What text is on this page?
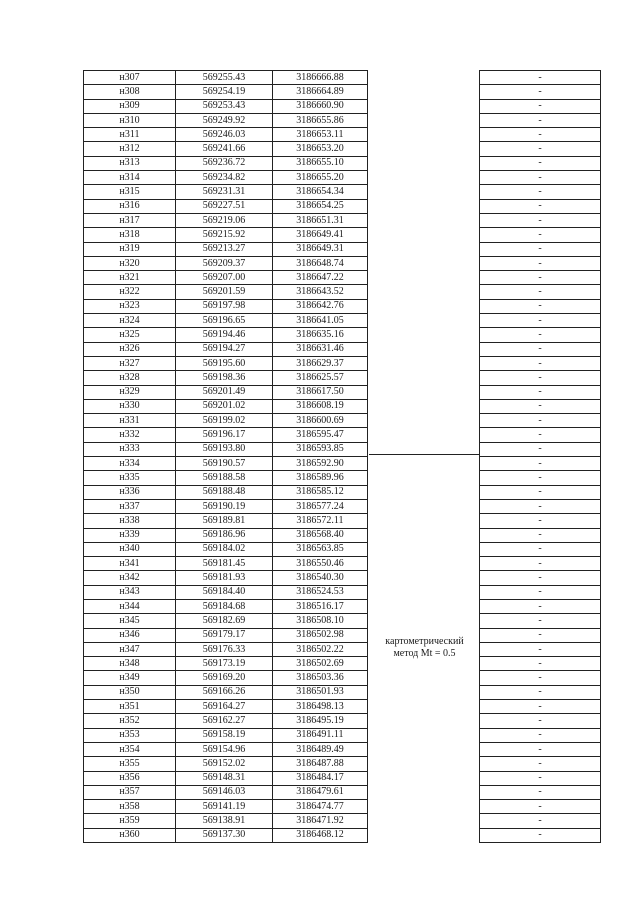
н307	569255.43	3186666.88		-
н308	569254.19	3186664.89		-
н309	569253.43	3186660.90		-
н310	569249.92	3186655.86		-
н311	569246.03	3186653.11		-
н312	569241.66	3186653.20		-
н313	569236.72	3186655.10		-
н314	569234.82	3186655.20		-
н315	569231.31	3186654.34		-
н316	569227.51	3186654.25		-
н317	569219.06	3186651.31		-
н318	569215.92	3186649.41		-
н319	569213.27	3186649.31		-
н320	569209.37	3186648.74		-
н321	569207.00	3186647.22		-
н322	569201.59	3186643.52		-
н323	569197.98	3186642.76		-
н324	569196.65	3186641.05		-
н325	569194.46	3186635.16		-
н326	569194.27	3186631.46		-
н327	569195.60	3186629.37		-
н328	569198.36	3186625.57		-
н329	569201.49	3186617.50		-
н330	569201.02	3186608.19		-
н331	569199.02	3186600.69		-
н332	569196.17	3186595.47		-
н333	569193.80	3186593.85		-
н334	569190.57	3186592.90		-
н335	569188.58	3186589.96		-
н336	569188.48	3186585.12		-
н337	569190.19	3186577.24		-
н338	569189.81	3186572.11		-
н339	569186.96	3186568.40		-
н340	569184.02	3186563.85		-
н341	569181.45	3186550.46		-
н342	569181.93	3186540.30		-
н343	569184.40	3186524.53		-
н344	569184.68	3186516.17		-
н345	569182.69	3186508.10		-
н346	569179.17	3186502.98		-
н347	569176.33	3186502.22		-
н348	569173.19	3186502.69		-
н349	569169.20	3186503.36		-
н350	569166.26	3186501.93		-
н351	569164.27	3186498.13		-
н352	569162.27	3186495.19		-
н353	569158.19	3186491.11		-
н354	569154.96	3186489.49		-
н355	569152.02	3186487.88		-
н356	569148.31	3186484.17		-
н357	569146.03	3186479.61		-
н358	569141.19	3186474.77		-
н359	569138.91	3186471.92		-
н360	569137.30	3186468.12		-
картометрический
метод Mt = 0.5
